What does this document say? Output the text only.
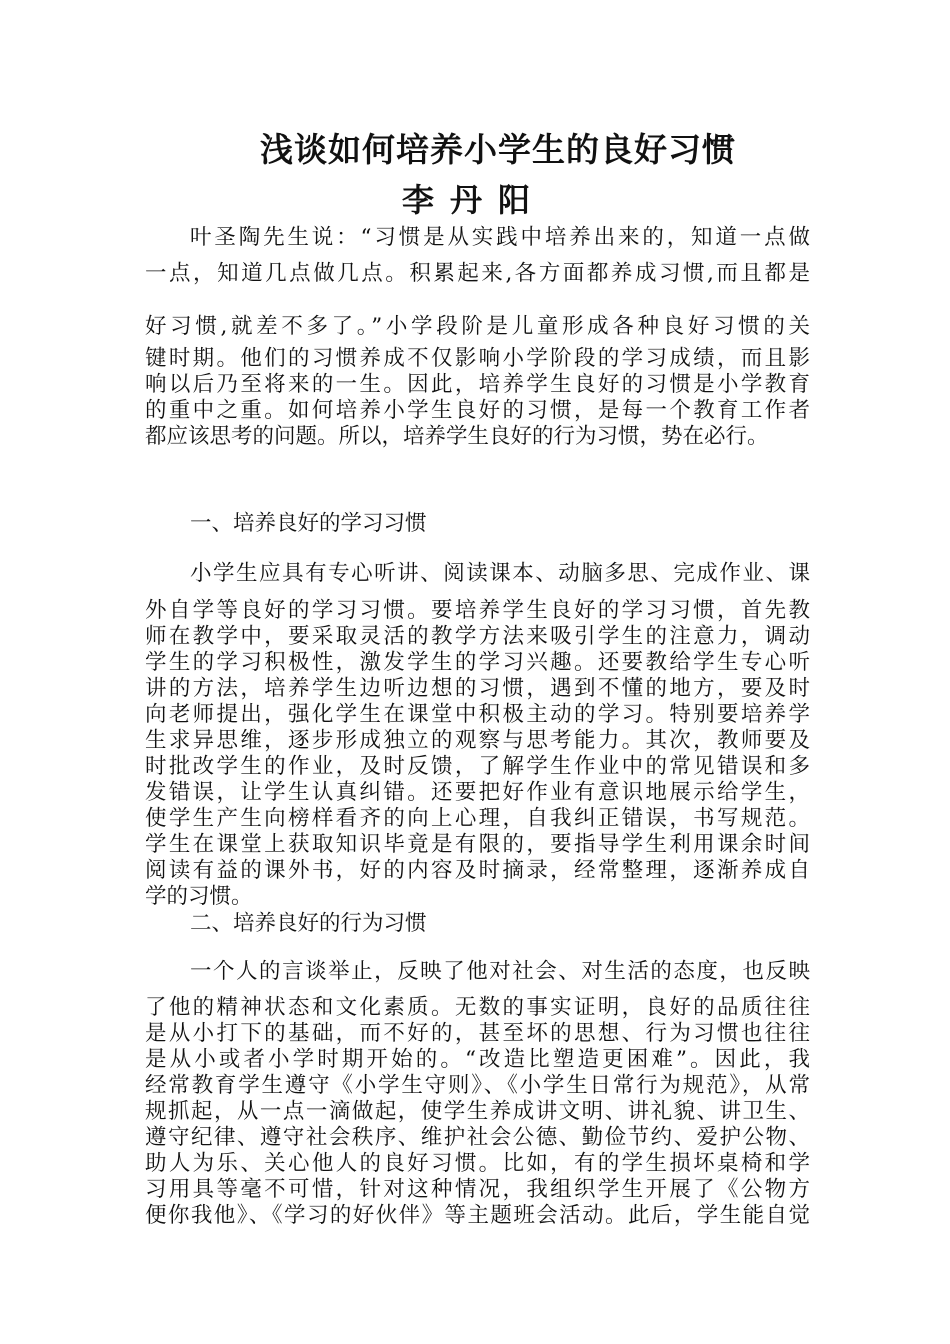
浅谈如何培养小学生的良好习惯
李丹阳
叶圣陶先生说：“习惯是从实践中培养出来的，知道一点做
一点，知道几点做几点。积累起来,各方面都养成习惯,而且都是
好习惯,就差不多了。”小学段阶是儿童形成各种良好习惯的关
键时期。他们的习惯养成不仅影响小学阶段的学习成绩，而且影
响以后乃至将来的一生。因此，培养学生良好的习惯是小学教育
的重中之重。如何培养小学生良好的习惯，是每一个教育工作者
都应该思考的问题。所以，培养学生良好的行为习惯，势在必行。
一、培养良好的学习习惯
小学生应具有专心听讲、阅读课本、动脑多思、完成作业、课
外自学等良好的学习习惯。要培养学生良好的学习习惯，首先教
师在教学中，要采取灵活的教学方法来吸引学生的注意力，调动
学生的学习积极性，激发学生的学习兴趣。还要教给学生专心听
讲的方法，培养学生边听边想的习惯，遇到不懂的地方，要及时
向老师提出，强化学生在课堂中积极主动的学习。特别要培养学
生求异思维，逐步形成独立的观察与思考能力。其次，教师要及
时批改学生的作业，及时反馈，了解学生作业中的常见错误和多
发错误，让学生认真纠错。还要把好作业有意识地展示给学生，
使学生产生向榜样看齐的向上心理，自我纠正错误，书写规范。
学生在课堂上获取知识毕竟是有限的，要指导学生利用课余时间
阅读有益的课外书，好的内容及时摘录，经常整理，逐渐养成自
学的习惯。
二、培养良好的行为习惯
一个人的言谈举止，反映了他对社会、对生活的态度，也反映
了他的精神状态和文化素质。无数的事实证明，良好的品质往往
是从小打下的基础，而不好的，甚至坏的思想、行为习惯也往往
是从小或者小学时期开始的。“改造比塑造更困难”。因此，我
经常教育学生遵守《小学生守则》、《小学生日常行为规范》，从常
规抓起，从一点一滴做起，使学生养成讲文明、讲礼貌、讲卫生、
遵守纪律、遵守社会秩序、维护社会公德、勤俭节约、爱护公物、
助人为乐、关心他人的良好习惯。比如，有的学生损坏桌椅和学
习用具等毫不可惜，针对这种情况，我组织学生开展了《公物方
便你我他》、《学习的好伙伴》等主题班会活动。此后，学生能自觉
